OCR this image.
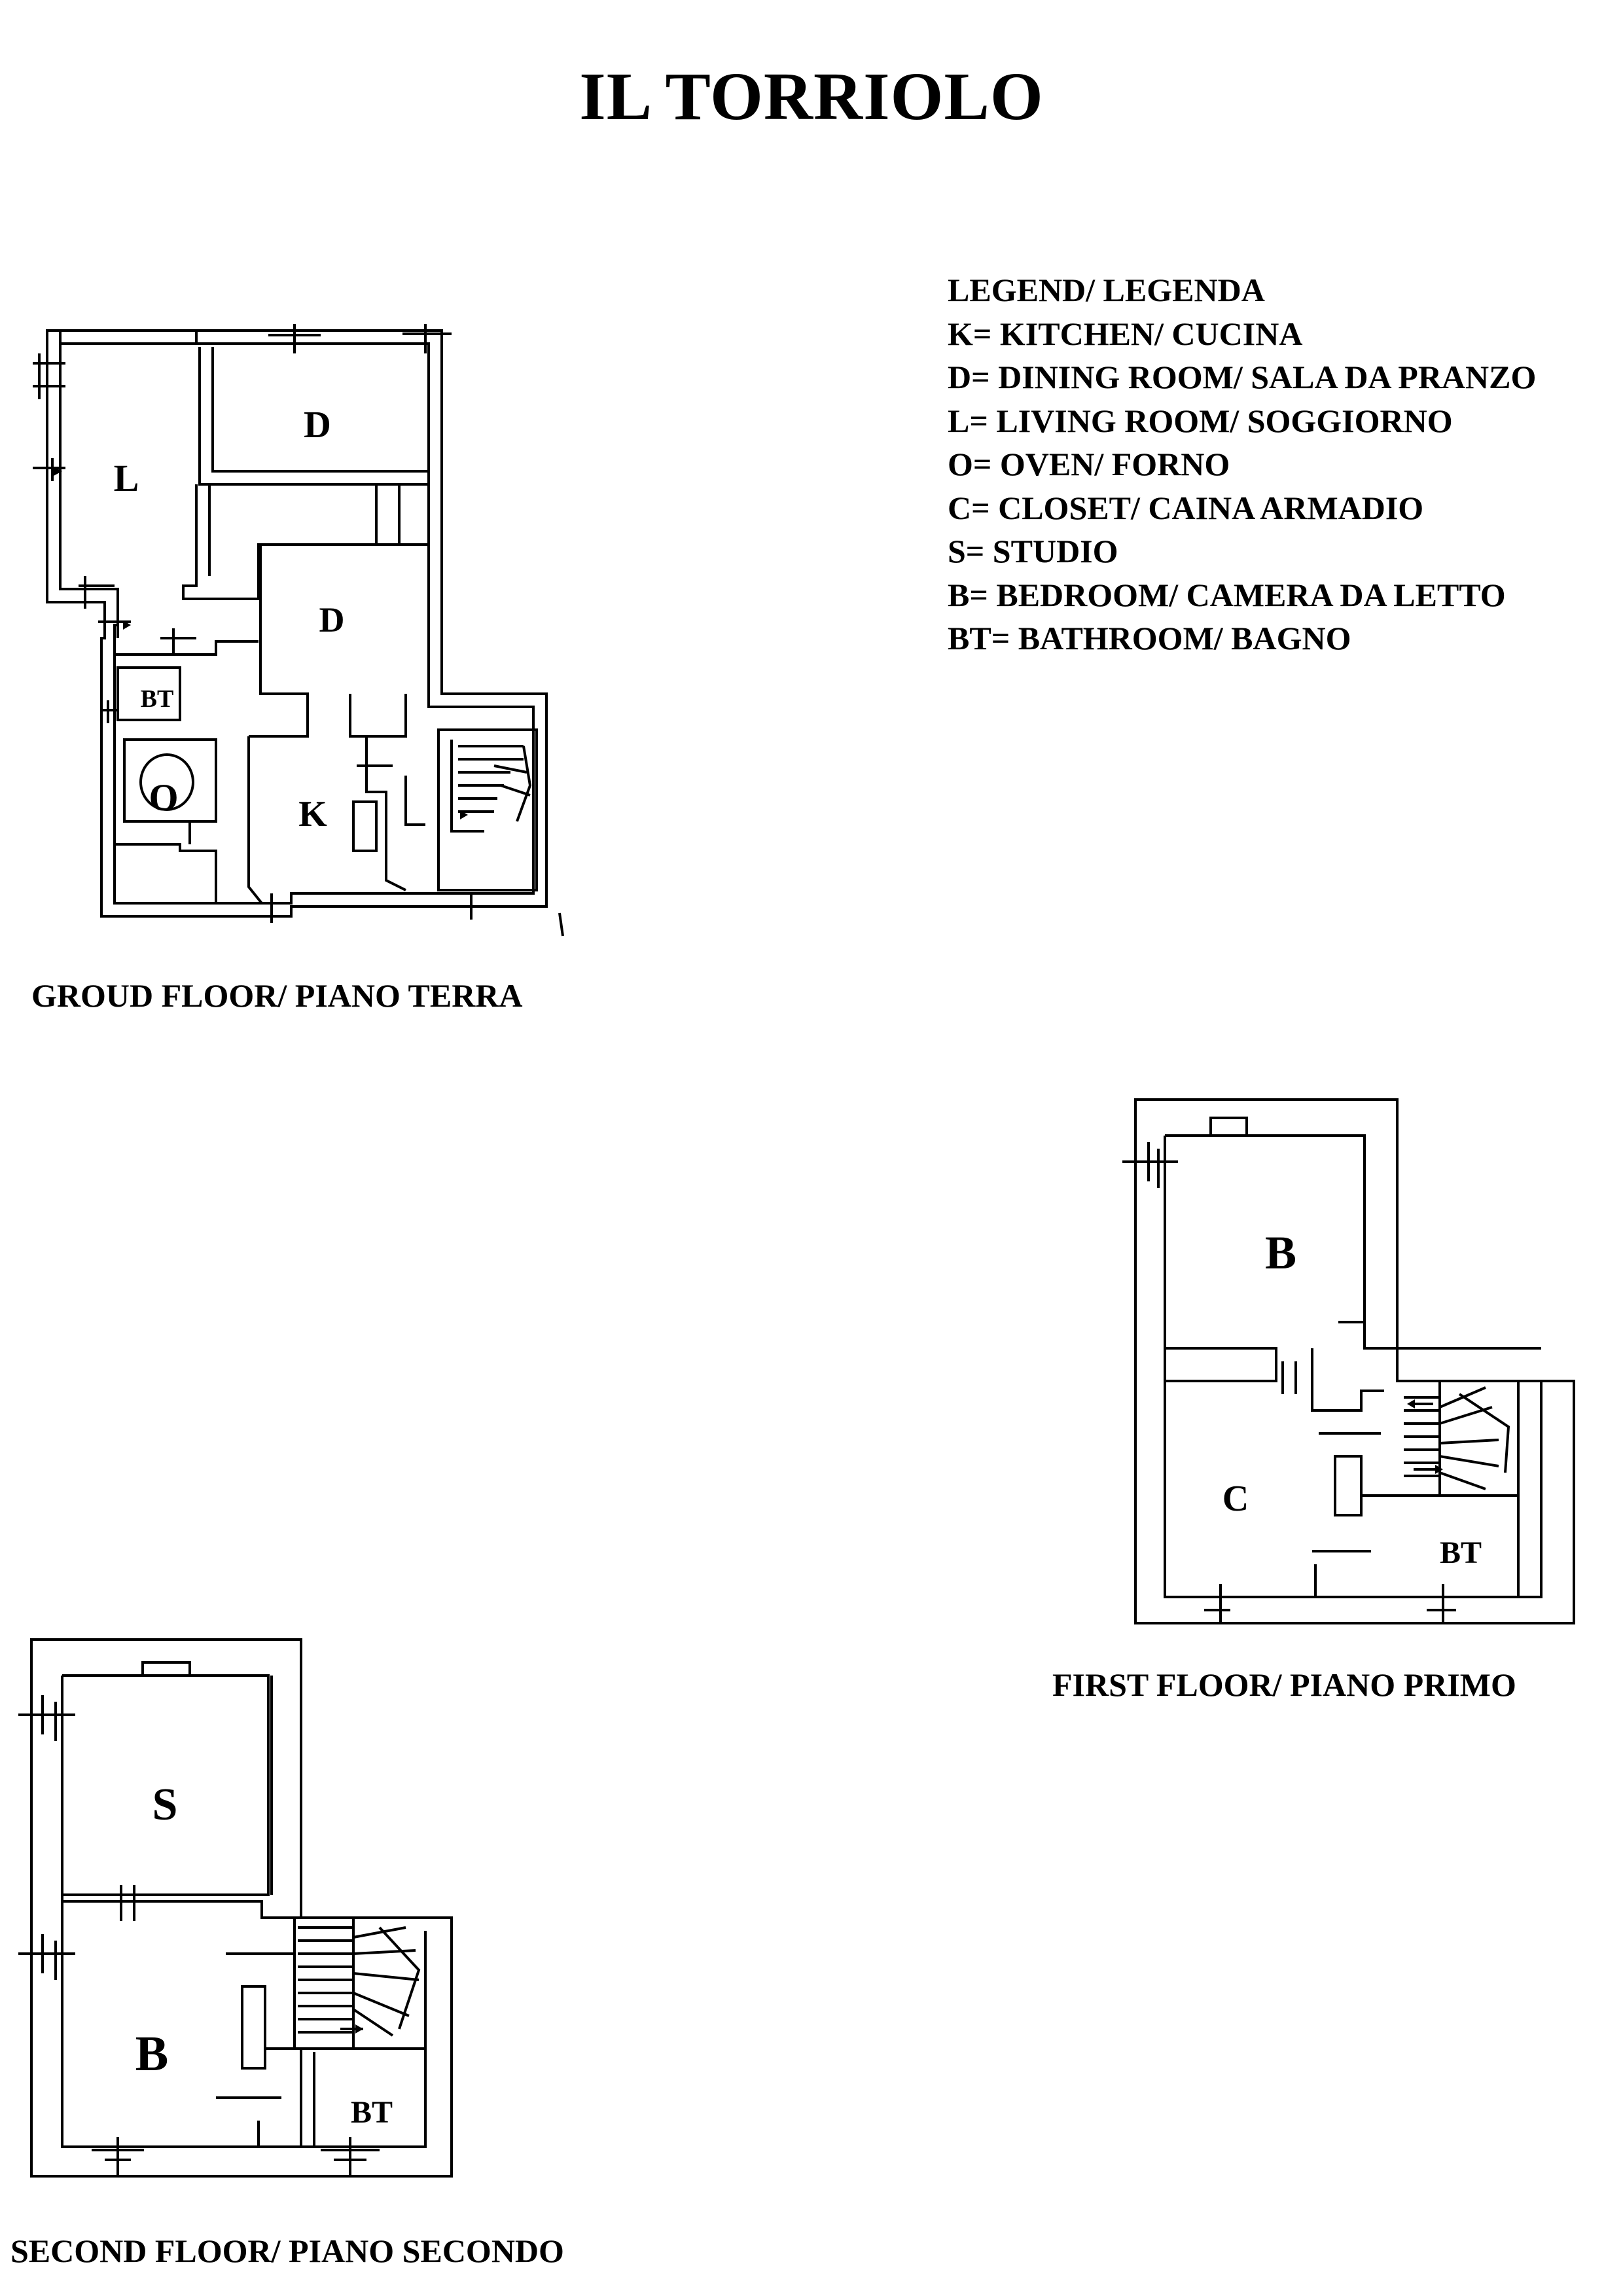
IL TORRIOLO
LEGEND/ LEGENDA
K= KITCHEN/ CUCINA
D= DINING ROOM/ SALA DA PRANZO
L= LIVING ROOM/ SOGGIORNO
O= OVEN/ FORNO
C= CLOSET/ CAINA ARMADIO
S= STUDIO
B= BEDROOM/ CAMERA DA LETTO
BT= BATHROOM/ BAGNO
D
L
D
BT
O	K
B
C
BT
S
B
BT
GROUD FLOOR/ PIANO TERRA
FIRST FLOOR/ PIANO PRIMO
SECOND FLOOR/ PIANO SECONDO
